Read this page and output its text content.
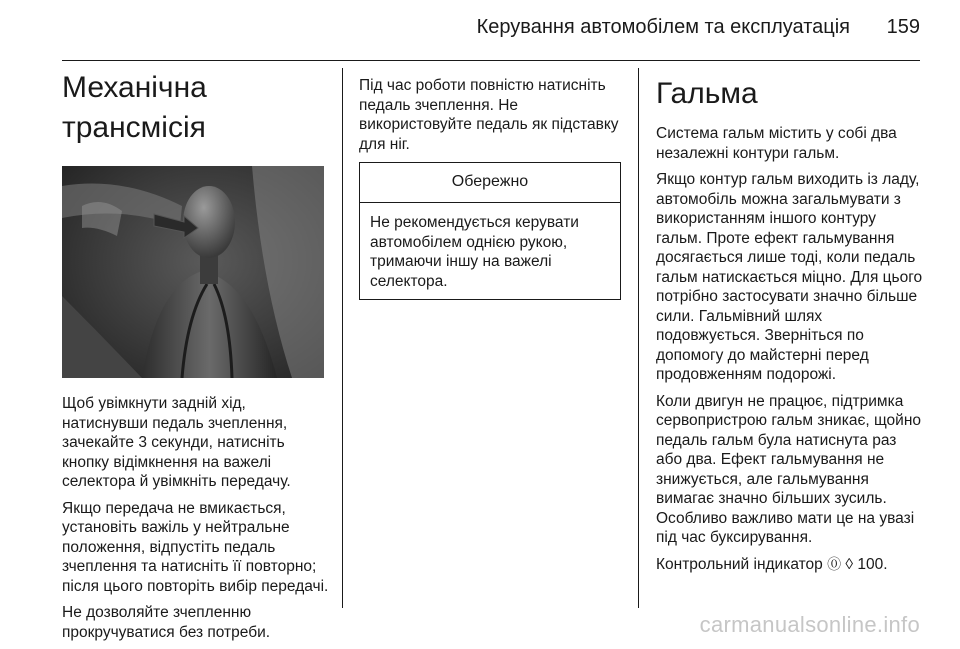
Керування автомобілем та експлуатація 159
Механічна трансмісія

Щоб увімкнути задній хід, натиснувши педаль зчеплення, зачекайте 3 секунди, натисніть кнопку відімкнення на важелі селектора й увімкніть передачу.

Якщо передача не вмикається, установіть важіль у нейтральне положення, відпустіть педаль зчеплення та натисніть її повторно; після цього повторіть вибір передачі.

Не дозволяйте зчепленню прокручуватися без потреби.

Під час роботи повністю натисніть педаль зчеплення. Не використовуйте педаль як підставку для ніг.

Обережно

Не рекомендується керувати автомобілем однією рукою, тримаючи іншу на важелі селектора.

Гальма

Система гальм містить у собі два незалежні контури гальм.

Якщо контур гальм виходить із ладу, автомобіль можна загальмувати з використанням іншого контуру гальм. Проте ефект гальмування досягається лише тоді, коли педаль гальм натискається міцно. Для цього потрібно застосувати значно більше сили. Гальмівний шлях подовжується. Зверніться по допомогу до майстерні перед продовженням подорожі.

Коли двигун не працює, підтримка сервопристрою гальм зникає, щойно педаль гальм була натиснута раз або два. Ефект гальмування не знижується, але гальмування вимагає значно більших зусиль. Особливо важливо мати це на увазі під час буксирування.

Контрольний індикатор ⓪ ◊ 100.

carmanualsonline.info
